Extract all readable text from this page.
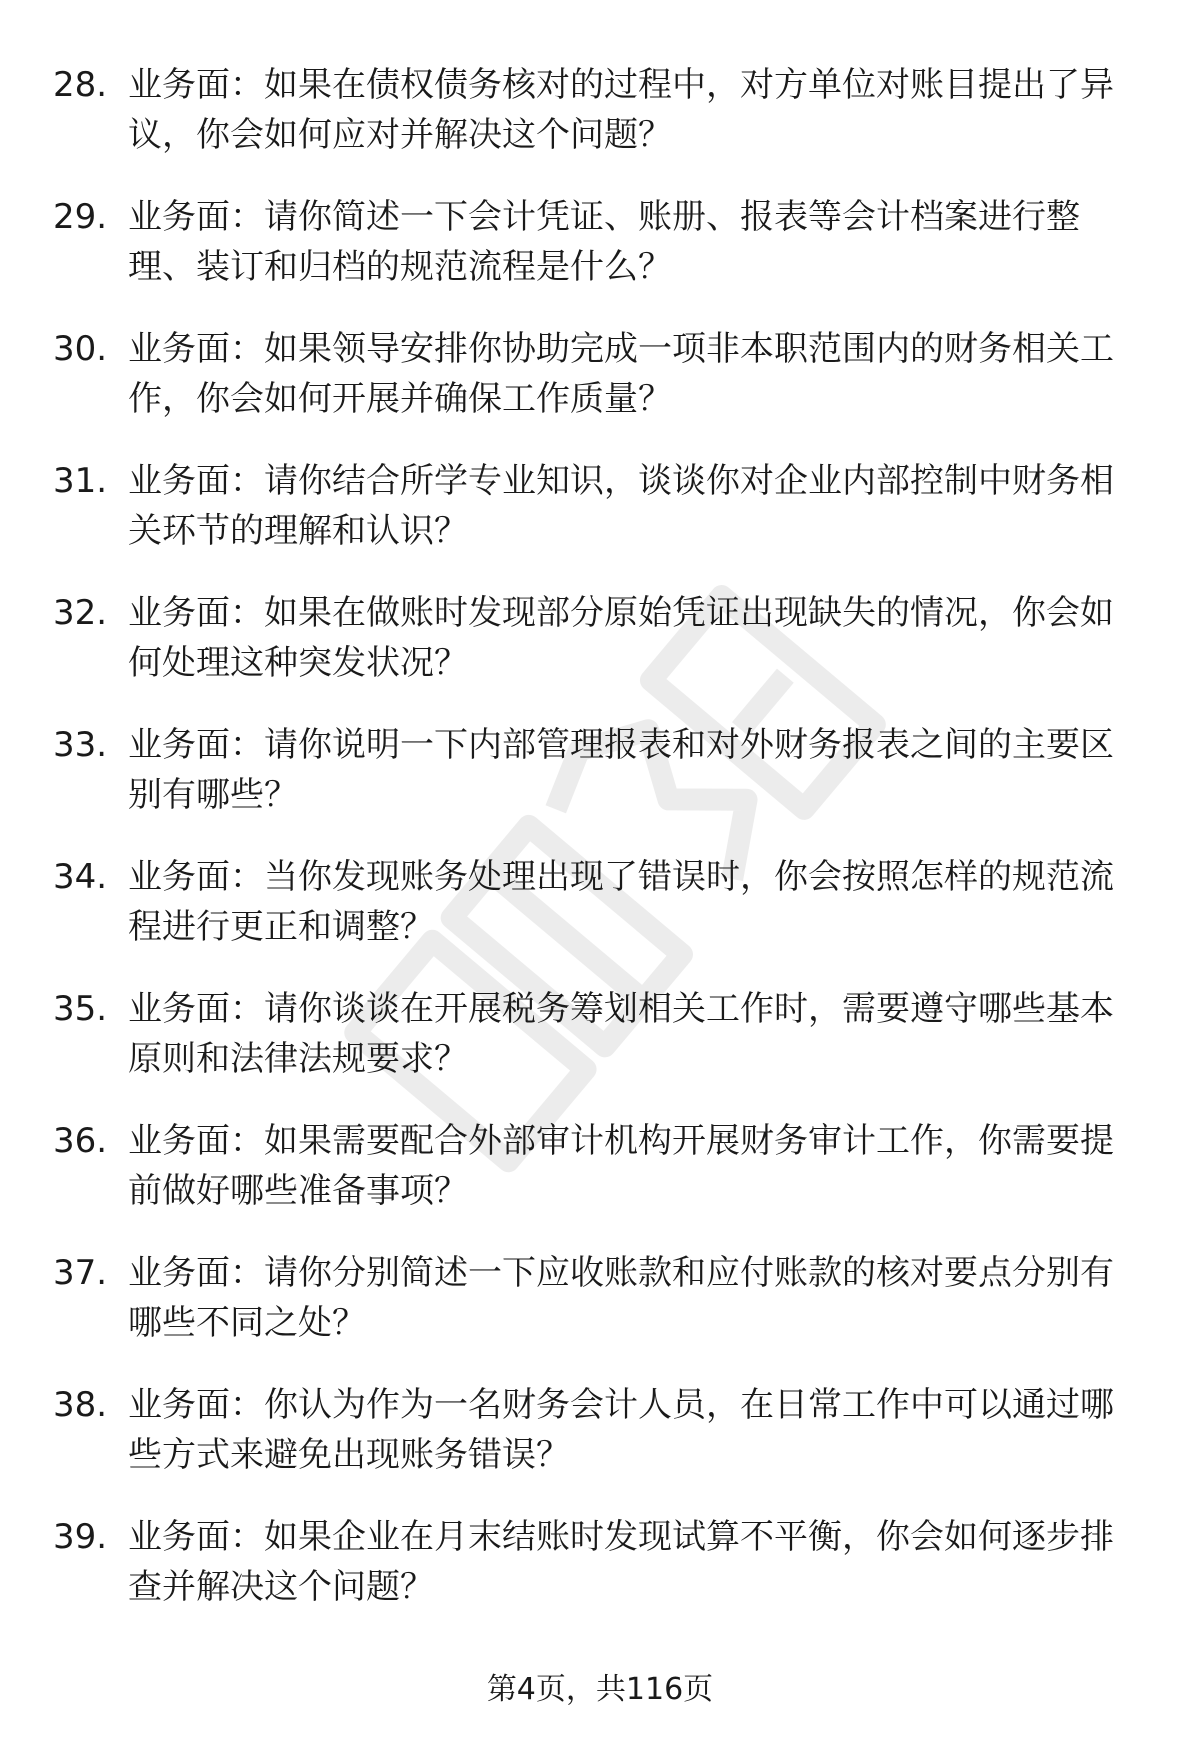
28. 业务面：如果在债权债务核对的过程中，对方单位对账目提出了异议，你会如何应对并解决这个问题？
29. 业务面：请你简述一下会计凭证、账册、报表等会计档案进行整理、装订和归档的规范流程是什么？
30. 业务面：如果领导安排你协助完成一项非本职范围内的财务相关工作，你会如何开展并确保工作质量？
31. 业务面：请你结合所学专业知识，谈谈你对企业内部控制中财务相关环节的理解和认识？
32. 业务面：如果在做账时发现部分原始凭证出现缺失的情况，你会如何处理这种突发状况？
33. 业务面：请你说明一下内部管理报表和对外财务报表之间的主要区别有哪些？
34. 业务面：当你发现账务处理出现了错误时，你会按照怎样的规范流程进行更正和调整？
35. 业务面：请你谈谈在开展税务筹划相关工作时，需要遵守哪些基本原则和法律法规要求？
36. 业务面：如果需要配合外部审计机构开展财务审计工作，你需要提前做好哪些准备事项？
37. 业务面：请你分别简述一下应收账款和应付账款的核对要点分别有哪些不同之处？
38. 业务面：你认为作为一名财务会计人员，在日常工作中可以通过哪些方式来避免出现账务错误？
39. 业务面：如果企业在月末结账时发现试算不平衡，你会如何逐步排查并解决这个问题？
第4页，共116页
